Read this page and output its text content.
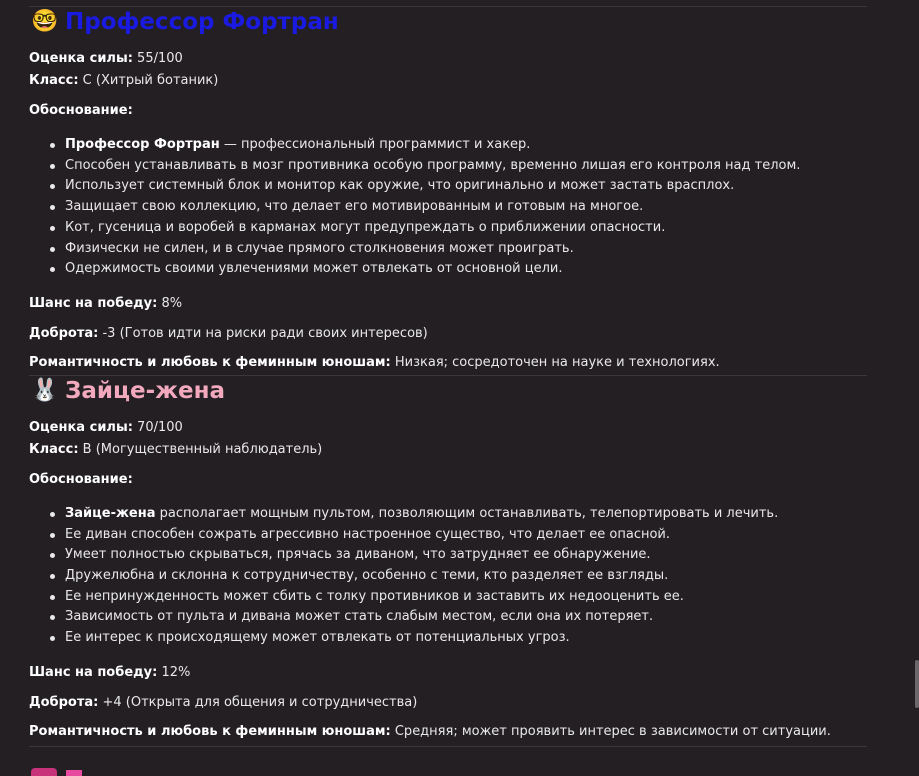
🤓 Профессор Фортран
Оценка силы: 55/100
Класс: C (Хитрый ботаник)
Обоснование:
Профессор Фортран — профессиональный программист и хакер.
Способен устанавливать в мозг противника особую программу, временно лишая его контроля над телом.
Использует системный блок и монитор как оружие, что оригинально и может застать врасплох.
Защищает свою коллекцию, что делает его мотивированным и готовым на многое.
Кот, гусеница и воробей в карманах могут предупреждать о приближении опасности.
Физически не силен, и в случае прямого столкновения может проиграть.
Одержимость своими увлечениями может отвлекать от основной цели.
Шанс на победу: 8%
Доброта: -3 (Готов идти на риски ради своих интересов)
Романтичность и любовь к феминным юношам: Низкая; сосредоточен на науке и технологиях.
🐰 Зайце-жена
Оценка силы: 70/100
Класс: B (Могущественный наблюдатель)
Обоснование:
Зайце-жена располагает мощным пультом, позволяющим останавливать, телепортировать и лечить.
Ее диван способен сожрать агрессивно настроенное существо, что делает ее опасной.
Умеет полностью скрываться, прячась за диваном, что затрудняет ее обнаружение.
Дружелюбна и склонна к сотрудничеству, особенно с теми, кто разделяет ее взгляды.
Ее непринужденность может сбить с толку противников и заставить их недооценить ее.
Зависимость от пульта и дивана может стать слабым местом, если она их потеряет.
Ее интерес к происходящему может отвлекать от потенциальных угроз.
Шанс на победу: 12%
Доброта: +4 (Открыта для общения и сотрудничества)
Романтичность и любовь к феминным юношам: Средняя; может проявить интерес в зависимости от ситуации.
